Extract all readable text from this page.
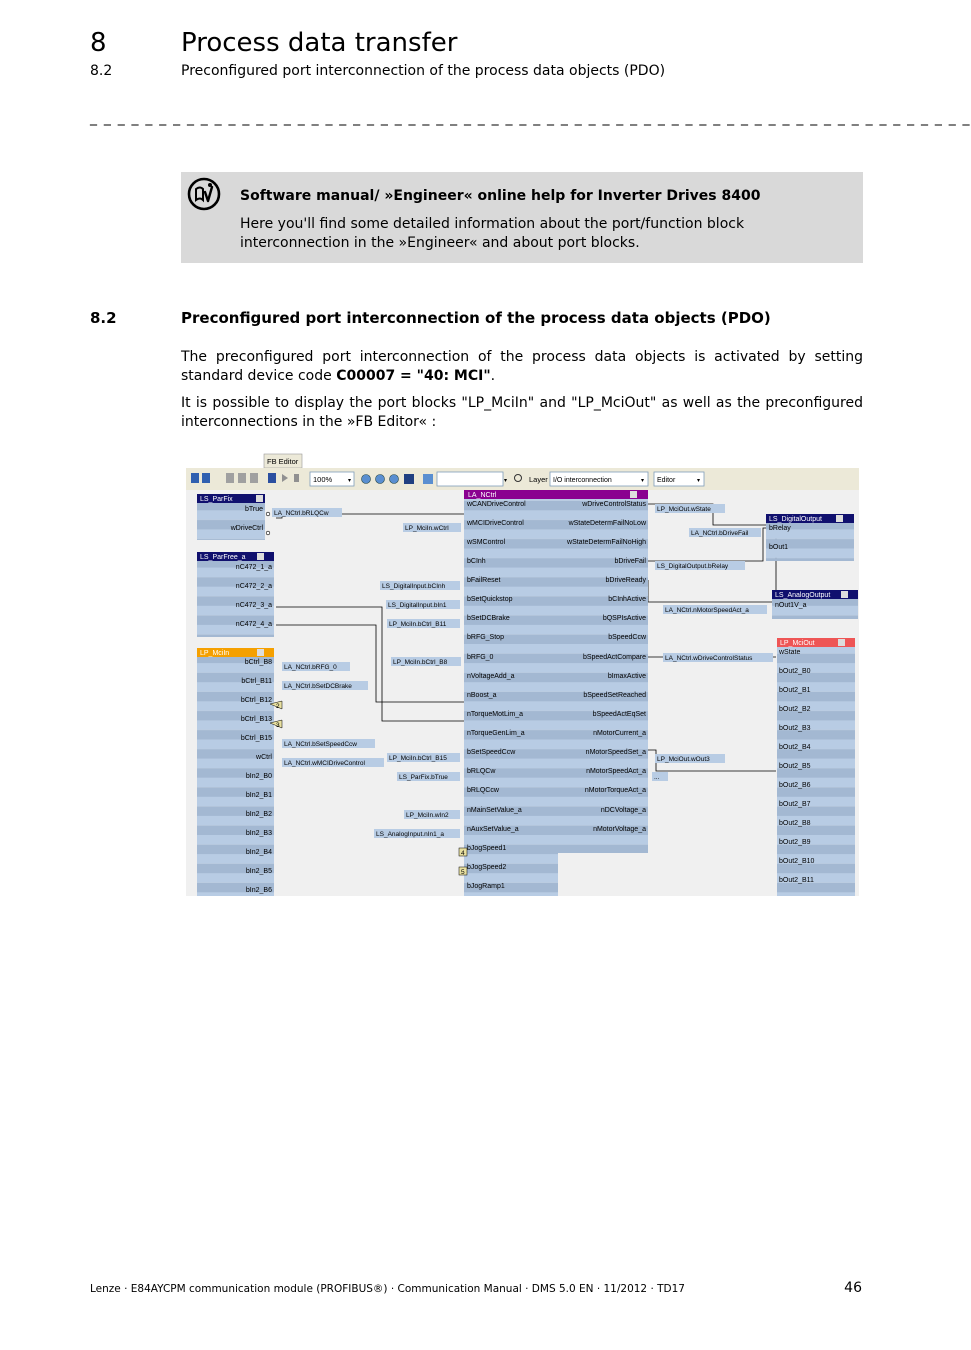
8	Process data transfer
8.2	Preconfigured port interconnection of the process data objects (PDO)
_ _ _ _ _ _ _ _ _ _ _ _ _ _ _ _ _ _ _ _ _ _ _ _ _ _ _ _ _ _ _ _ _ _ _ _ _ _ _ _ _ _ _ _ _ _ _ _ _ _ _ _ _ _ _ _ _ _ _ _ _ _ _ _
Software manual/ »Engineer« online help for Inverter Drives 8400
Here you'll find some detailed information about the port/function block interconnection in the »Engineer« and about port blocks.
8.2	Preconfigured port interconnection of the process data objects (PDO)
The preconfigured port interconnection of the process data objects is activated by setting standard device code C00007 = "40: MCI".
It is possible to display the port blocks "LP_MciIn" and "LP_MciOut" as well as the preconfigured interconnections in the »FB Editor« :
FB Editor
100%	▾	▾	Layer I/O interconnection	▾ Editor	▾
LS_ParFix
bTrue
wDriveCtrl
LS_ParFree_a
nC472_1_a
nC472_2_a
nC472_3_a
nC472_4_a
LP_MciIn
bCtrl_B8
bCtrl_B11
bCtrl_B12
bCtrl_B13
bCtrl_B15
wCtrl
bIn2_B0
bIn2_B1
bIn2_B2
bIn2_B3
bIn2_B4
bIn2_B5
bIn2_B6
2
3
LA_NCtrl
wCANDriveControl
wMCIDriveControl
wSMControl
bCInh
bFailReset
bSetQuickstop
bSetDCBrake
bRFG_Stop
bRFG_0
nVoltageAdd_a
nBoost_a
nTorqueMotLim_a
nTorqueGenLim_a
bSetSpeedCcw
bRLQCw
bRLQCcw
nMainSetValue_a
nAuxSetValue_a
bJogSpeed1
bJogSpeed2
bJogRamp1
wDriveControlStatus
wStateDetermFailNoLow
wStateDetermFailNoHigh
bDriveFail
bDriveReady
bCInhActive
bQSPIsActive
bSpeedCcw
bSpeedActCompare
bImaxActive
bSpeedSetReached
bSpeedActEqSet
nMotorCurrent_a
nMotorSpeedSet_a
nMotorSpeedAct_a
nMotorTorqueAct_a
nDCVoltage_a
nMotorVoltage_a
4
5
LS_DigitalOutput
bRelay
bOut1
LS_AnalogOutput
nOut1V_a
LP_MciOut
wState
bOut2_B0
bOut2_B1
bOut2_B2
bOut2_B3
bOut2_B4
bOut2_B5
bOut2_B6
bOut2_B7
bOut2_B8
bOut2_B9
bOut2_B10
bOut2_B11
LA_NCtrl.bRLQCw
LP_MciIn.wCtrl
LP_MciOut.wState
LA_NCtrl.bDriveFail
LS_DigitalInput.bCInh
LS_DigitalOutput.bRelay
LS_DigitalInput.bIn1
LA_NCtrl.nMotorSpeedAct_a
LP_MciIn.bCtrl_B11
LA_NCtrl.bRFG_0
LP_MciIn.bCtrl_B8
LA_NCtrl.wDriveControlStatus
LA_NCtrl.bSetDCBrake
LA_NCtrl.bSetSpeedCcw
LP_MciIn.bCtrl_B15	LP_MciOut.wOut3
LA_NCtrl.wMCIDriveControl
LS_ParFix.bTrue	...
LP_MciIn.wIn2
LS_AnalogInput.nIn1_a
Lenze · E84AYCPM communication module (PROFIBUS®) · Communication Manual · DMS 5.0 EN · 11/2012 · TD17	46
